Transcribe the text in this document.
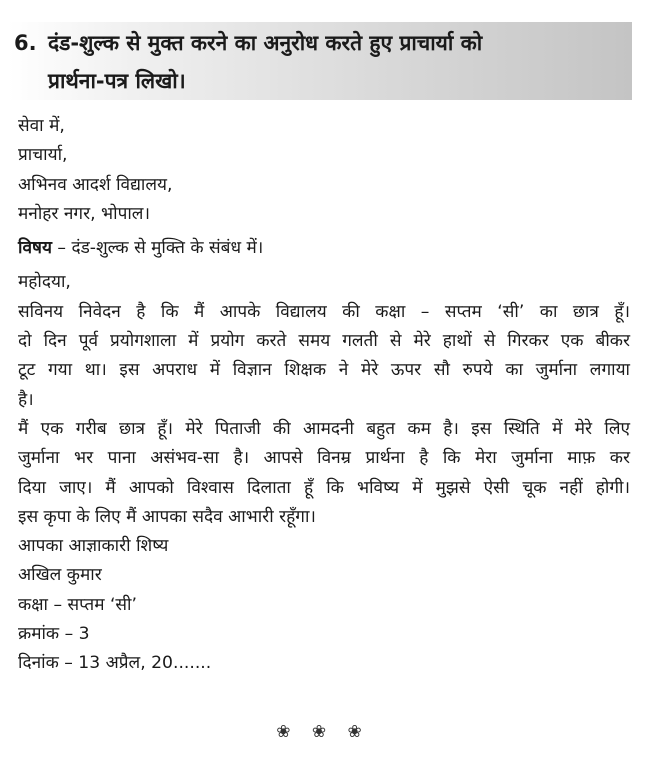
6. दंड-शुल्क से मुक्त करने का अनुरोध करते हुए प्राचार्या को
प्रार्थना-पत्र लिखो।
सेवा में,
प्राचार्या,
अभिनव आदर्श विद्यालय,
मनोहर नगर, भोपाल।
विषय – दंड-शुल्क से मुक्ति के संबंध में।
महोदया,
सविनय निवेदन है कि मैं आपके विद्यालय की कक्षा – सप्तम ‘सी’ का छात्र हूँ।
दो दिन पूर्व प्रयोगशाला में प्रयोग करते समय गलती से मेरे हाथों से गिरकर एक बीकर
टूट गया था। इस अपराध में विज्ञान शिक्षक ने मेरे ऊपर सौ रुपये का जुर्माना लगाया
है।
मैं एक गरीब छात्र हूँ। मेरे पिताजी की आमदनी बहुत कम है। इस स्थिति में मेरे लिए
जुर्माना भर पाना असंभव-सा है। आपसे विनम्र प्रार्थना है कि मेरा जुर्माना माफ़ कर
दिया जाए। मैं आपको विश्वास दिलाता हूँ कि भविष्य में मुझसे ऐसी चूक नहीं होगी।
इस कृपा के लिए मैं आपका सदैव आभारी रहूँगा।
आपका आज्ञाकारी शिष्य
अखिल कुमार
कक्षा – सप्तम ‘सी’
क्रमांक – 3
दिनांक – 13 अप्रैल, 20.......
❀ ❀ ❀
